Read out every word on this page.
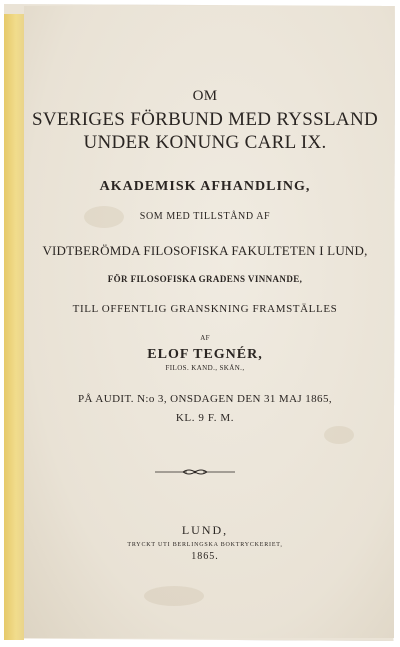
OM
SVERIGES FÖRBUND MED RYSSLAND
UNDER KONUNG CARL IX.
AKADEMISK AFHANDLING,
SOM MED TILLSTÅND AF
VIDTBERÖMDA FILOSOFISKA FAKULTETEN I LUND,
FÖR FILOSOFISKA GRADENS VINNANDE,
TILL OFFENTLIG GRANSKNING FRAMSTÄLLES
AF
ELOF TEGNÉR,
FILOS. KAND., SKÅN.,
PÅ AUDIT. N:o 3, ONSDAGEN DEN 31 MAJ 1865,
KL. 9 F. M.
LUND,
TRYCKT UTI BERLINGSKA BOKTRYCKERIET,
1865.
